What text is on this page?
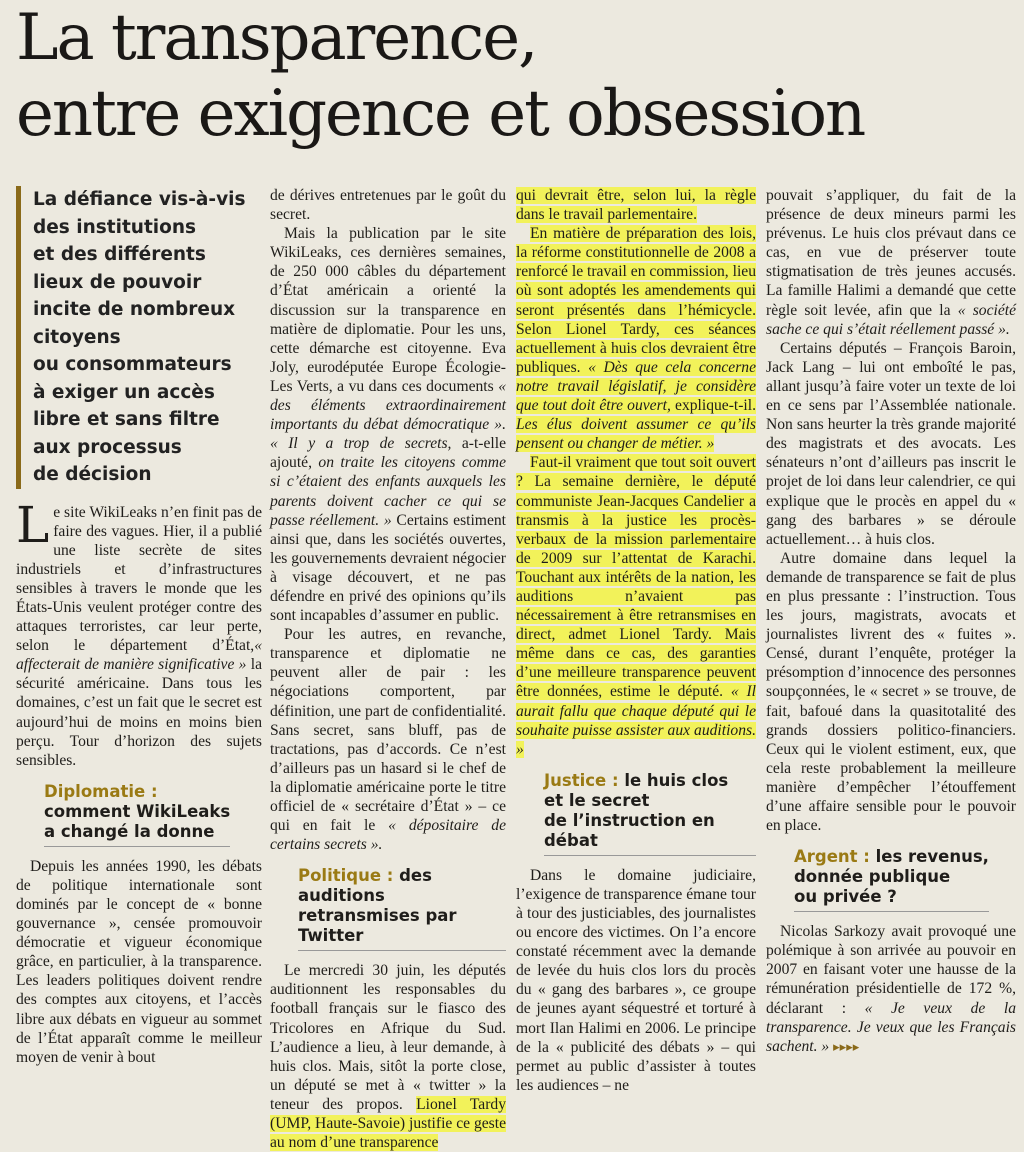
La transparence,
entre exigence et obsession
La défiance vis-à-vis
des institutions
et des différents
lieux de pouvoir
incite de nombreux
citoyens
ou consommateurs
à exiger un accès
libre et sans filtre
aux processus
de décision

Le site WikiLeaks n’en finit pas de faire des vagues. Hier, il a publié une liste secrète de sites industriels et d’infrastructures sensibles à travers le monde que les États-Unis veulent protéger contre des attaques terroristes, car leur perte, selon le département d’État,« affecterait de manière significative » la sécurité américaine. Dans tous les domaines, c’est un fait que le secret est aujourd’hui de moins en moins bien perçu. Tour d’horizon des sujets sensibles.

Diplomatie :
comment WikiLeaks
a changé la donne

Depuis les années 1990, les débats de politique internationale sont dominés par le concept de « bonne gouvernance », censée promouvoir démocratie et vigueur économique grâce, en particulier, à la transparence. Les leaders politiques doivent rendre des comptes aux citoyens, et l’accès libre aux débats en vigueur au sommet de l’État apparaît comme le meilleur moyen de venir à bout

de dérives entretenues par le goût du secret.

Mais la publication par le site WikiLeaks, ces dernières semaines, de 250 000 câbles du département d’État américain a orienté la discussion sur la transparence en matière de diplomatie. Pour les uns, cette démarche est citoyenne. Eva Joly, eurodéputée Europe Écologie-Les Verts, a vu dans ces documents « des éléments extraordinairement importants du débat démocratique ». « Il y a trop de secrets, a-t-elle ajouté, on traite les citoyens comme si c’étaient des enfants auxquels les parents doivent cacher ce qui se passe réellement. » Certains estiment ainsi que, dans les sociétés ouvertes, les gouvernements devraient négocier à visage découvert, et ne pas défendre en privé des opinions qu’ils sont incapables d’assumer en public.

Pour les autres, en revanche, transparence et diplomatie ne peuvent aller de pair : les négociations comportent, par définition, une part de confidentialité. Sans secret, sans bluff, pas de tractations, pas d’accords. Ce n’est d’ailleurs pas un hasard si le chef de la diplomatie américaine porte le titre officiel de « secrétaire d’État » – ce qui en fait le « dépositaire de certains secrets ».

Politique : des auditions
retransmises par Twitter

Le mercredi 30 juin, les députés auditionnent les responsables du football français sur le fiasco des Tricolores en Afrique du Sud. L’audience a lieu, à leur demande, à huis clos. Mais, sitôt la porte close, un député se met à « twitter » la teneur des propos. Lionel Tardy (UMP, Haute-Savoie) justifie ce geste au nom d’une transparence

qui devrait être, selon lui, la règle dans le travail parlementaire.

En matière de préparation des lois, la réforme constitutionnelle de 2008 a renforcé le travail en commission, lieu où sont adoptés les amendements qui seront présentés dans l’hémicycle. Selon Lionel Tardy, ces séances actuellement à huis clos devraient être publiques. « Dès que cela concerne notre travail législatif, je considère que tout doit être ouvert, explique-t-il. Les élus doivent assumer ce qu’ils pensent ou changer de métier. »

Faut-il vraiment que tout soit ouvert ? La semaine dernière, le député communiste Jean-Jacques Candelier a transmis à la justice les procès-verbaux de la mission parlementaire de 2009 sur l’attentat de Karachi. Touchant aux intérêts de la nation, les auditions n’avaient pas nécessairement à être retransmises en direct, admet Lionel Tardy. Mais même dans ce cas, des garanties d’une meilleure transparence peuvent être données, estime le député. « Il aurait fallu que chaque député qui le souhaite puisse assister aux auditions. »

Justice : le huis clos
et le secret
de l’instruction en débat

Dans le domaine judiciaire, l’exigence de transparence émane tour à tour des justiciables, des journalistes ou encore des victimes. On l’a encore constaté récemment avec la demande de levée du huis clos lors du procès du « gang des barbares », ce groupe de jeunes ayant séquestré et torturé à mort Ilan Halimi en 2006. Le principe de la « publicité des débats » – qui permet au public d’assister à toutes les audiences – ne

pouvait s’appliquer, du fait de la présence de deux mineurs parmi les prévenus. Le huis clos prévaut dans ce cas, en vue de préserver toute stigmatisation de très jeunes accusés. La famille Halimi a demandé que cette règle soit levée, afin que la « société sache ce qui s’était réellement passé ».

Certains députés – François Baroin, Jack Lang – lui ont emboîté le pas, allant jusqu’à faire voter un texte de loi en ce sens par l’Assemblée nationale. Non sans heurter la très grande majorité des magistrats et des avocats. Les sénateurs n’ont d’ailleurs pas inscrit le projet de loi dans leur calendrier, ce qui explique que le procès en appel du « gang des barbares » se déroule actuellement… à huis clos.

Autre domaine dans lequel la demande de transparence se fait de plus en plus pressante : l’instruction. Tous les jours, magistrats, avocats et journalistes livrent des « fuites ». Censé, durant l’enquête, protéger la présomption d’innocence des personnes soupçonnées, le « secret » se trouve, de fait, bafoué dans la quasitotalité des grands dossiers politico-financiers. Ceux qui le violent estiment, eux, que cela reste probablement la meilleure manière d’empêcher l’étouffement d’une affaire sensible pour le pouvoir en place.

Argent : les revenus,
donnée publique
ou privée ?

Nicolas Sarkozy avait provoqué une polémique à son arrivée au pouvoir en 2007 en faisant voter une hausse de la rémunération présidentielle de 172 %, déclarant : « Je veux de la transparence. Je veux que les Français sachent. » ▸▸▸▸
